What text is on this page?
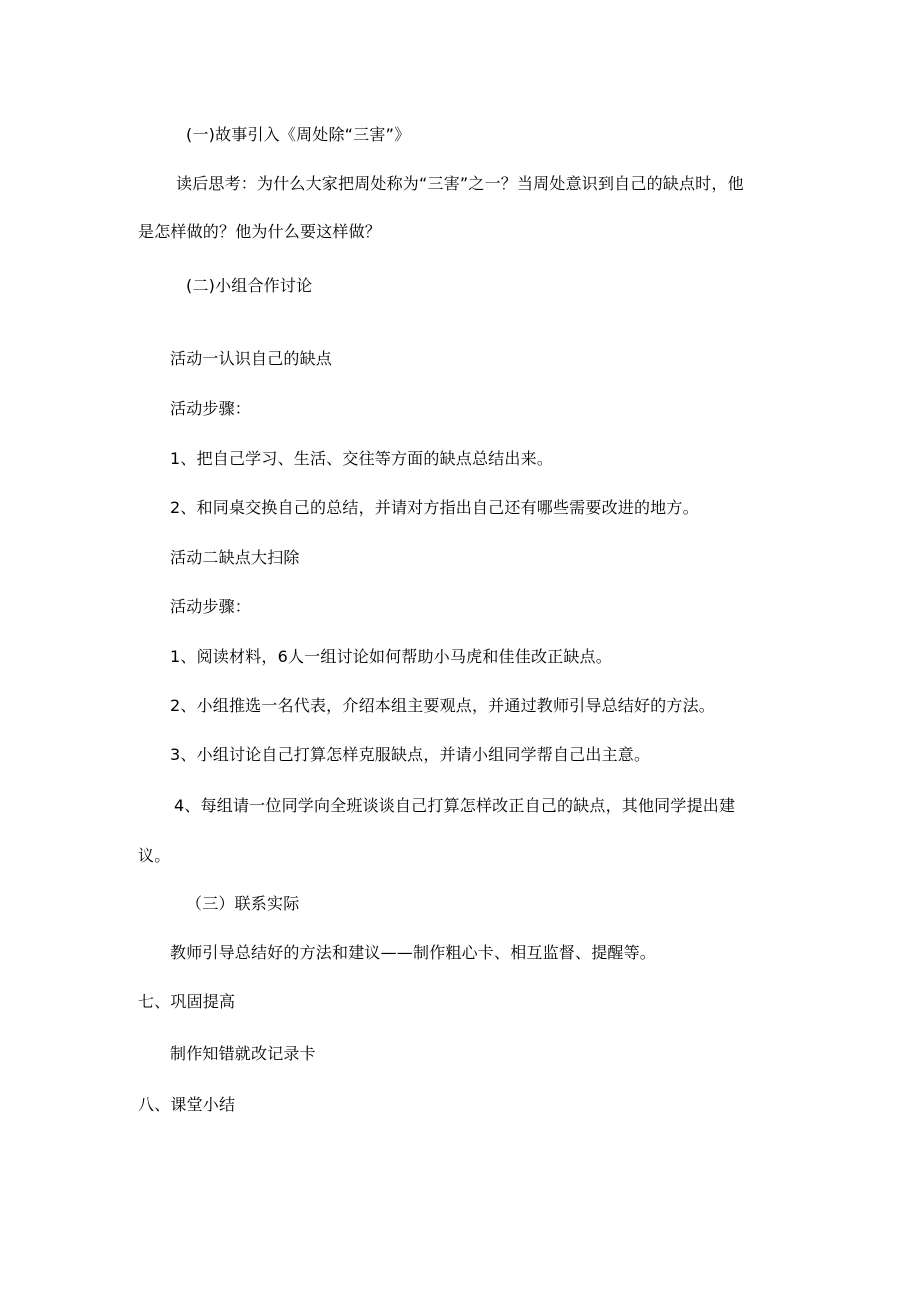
(一)故事引入《周处除“三害”》
读后思考：为什么大家把周处称为“三害”之一？当周处意识到自己的缺点时，他
是怎样做的？他为什么要这样做？
(二)小组合作讨论
活动一认识自己的缺点
活动步骤：
1、把自己学习、生活、交往等方面的缺点总结出来。
2、和同桌交换自己的总结，并请对方指出自己还有哪些需要改进的地方。
活动二缺点大扫除
活动步骤：
1、阅读材料，6人一组讨论如何帮助小马虎和佳佳改正缺点。
2、小组推选一名代表，介绍本组主要观点，并通过教师引导总结好的方法。
3、小组讨论自己打算怎样克服缺点，并请小组同学帮自己出主意。
4、每组请一位同学向全班谈谈自己打算怎样改正自己的缺点，其他同学提出建
议。
（三）联系实际
教师引导总结好的方法和建议——制作粗心卡、相互监督、提醒等。
七、巩固提高
制作知错就改记录卡
八、课堂小结
